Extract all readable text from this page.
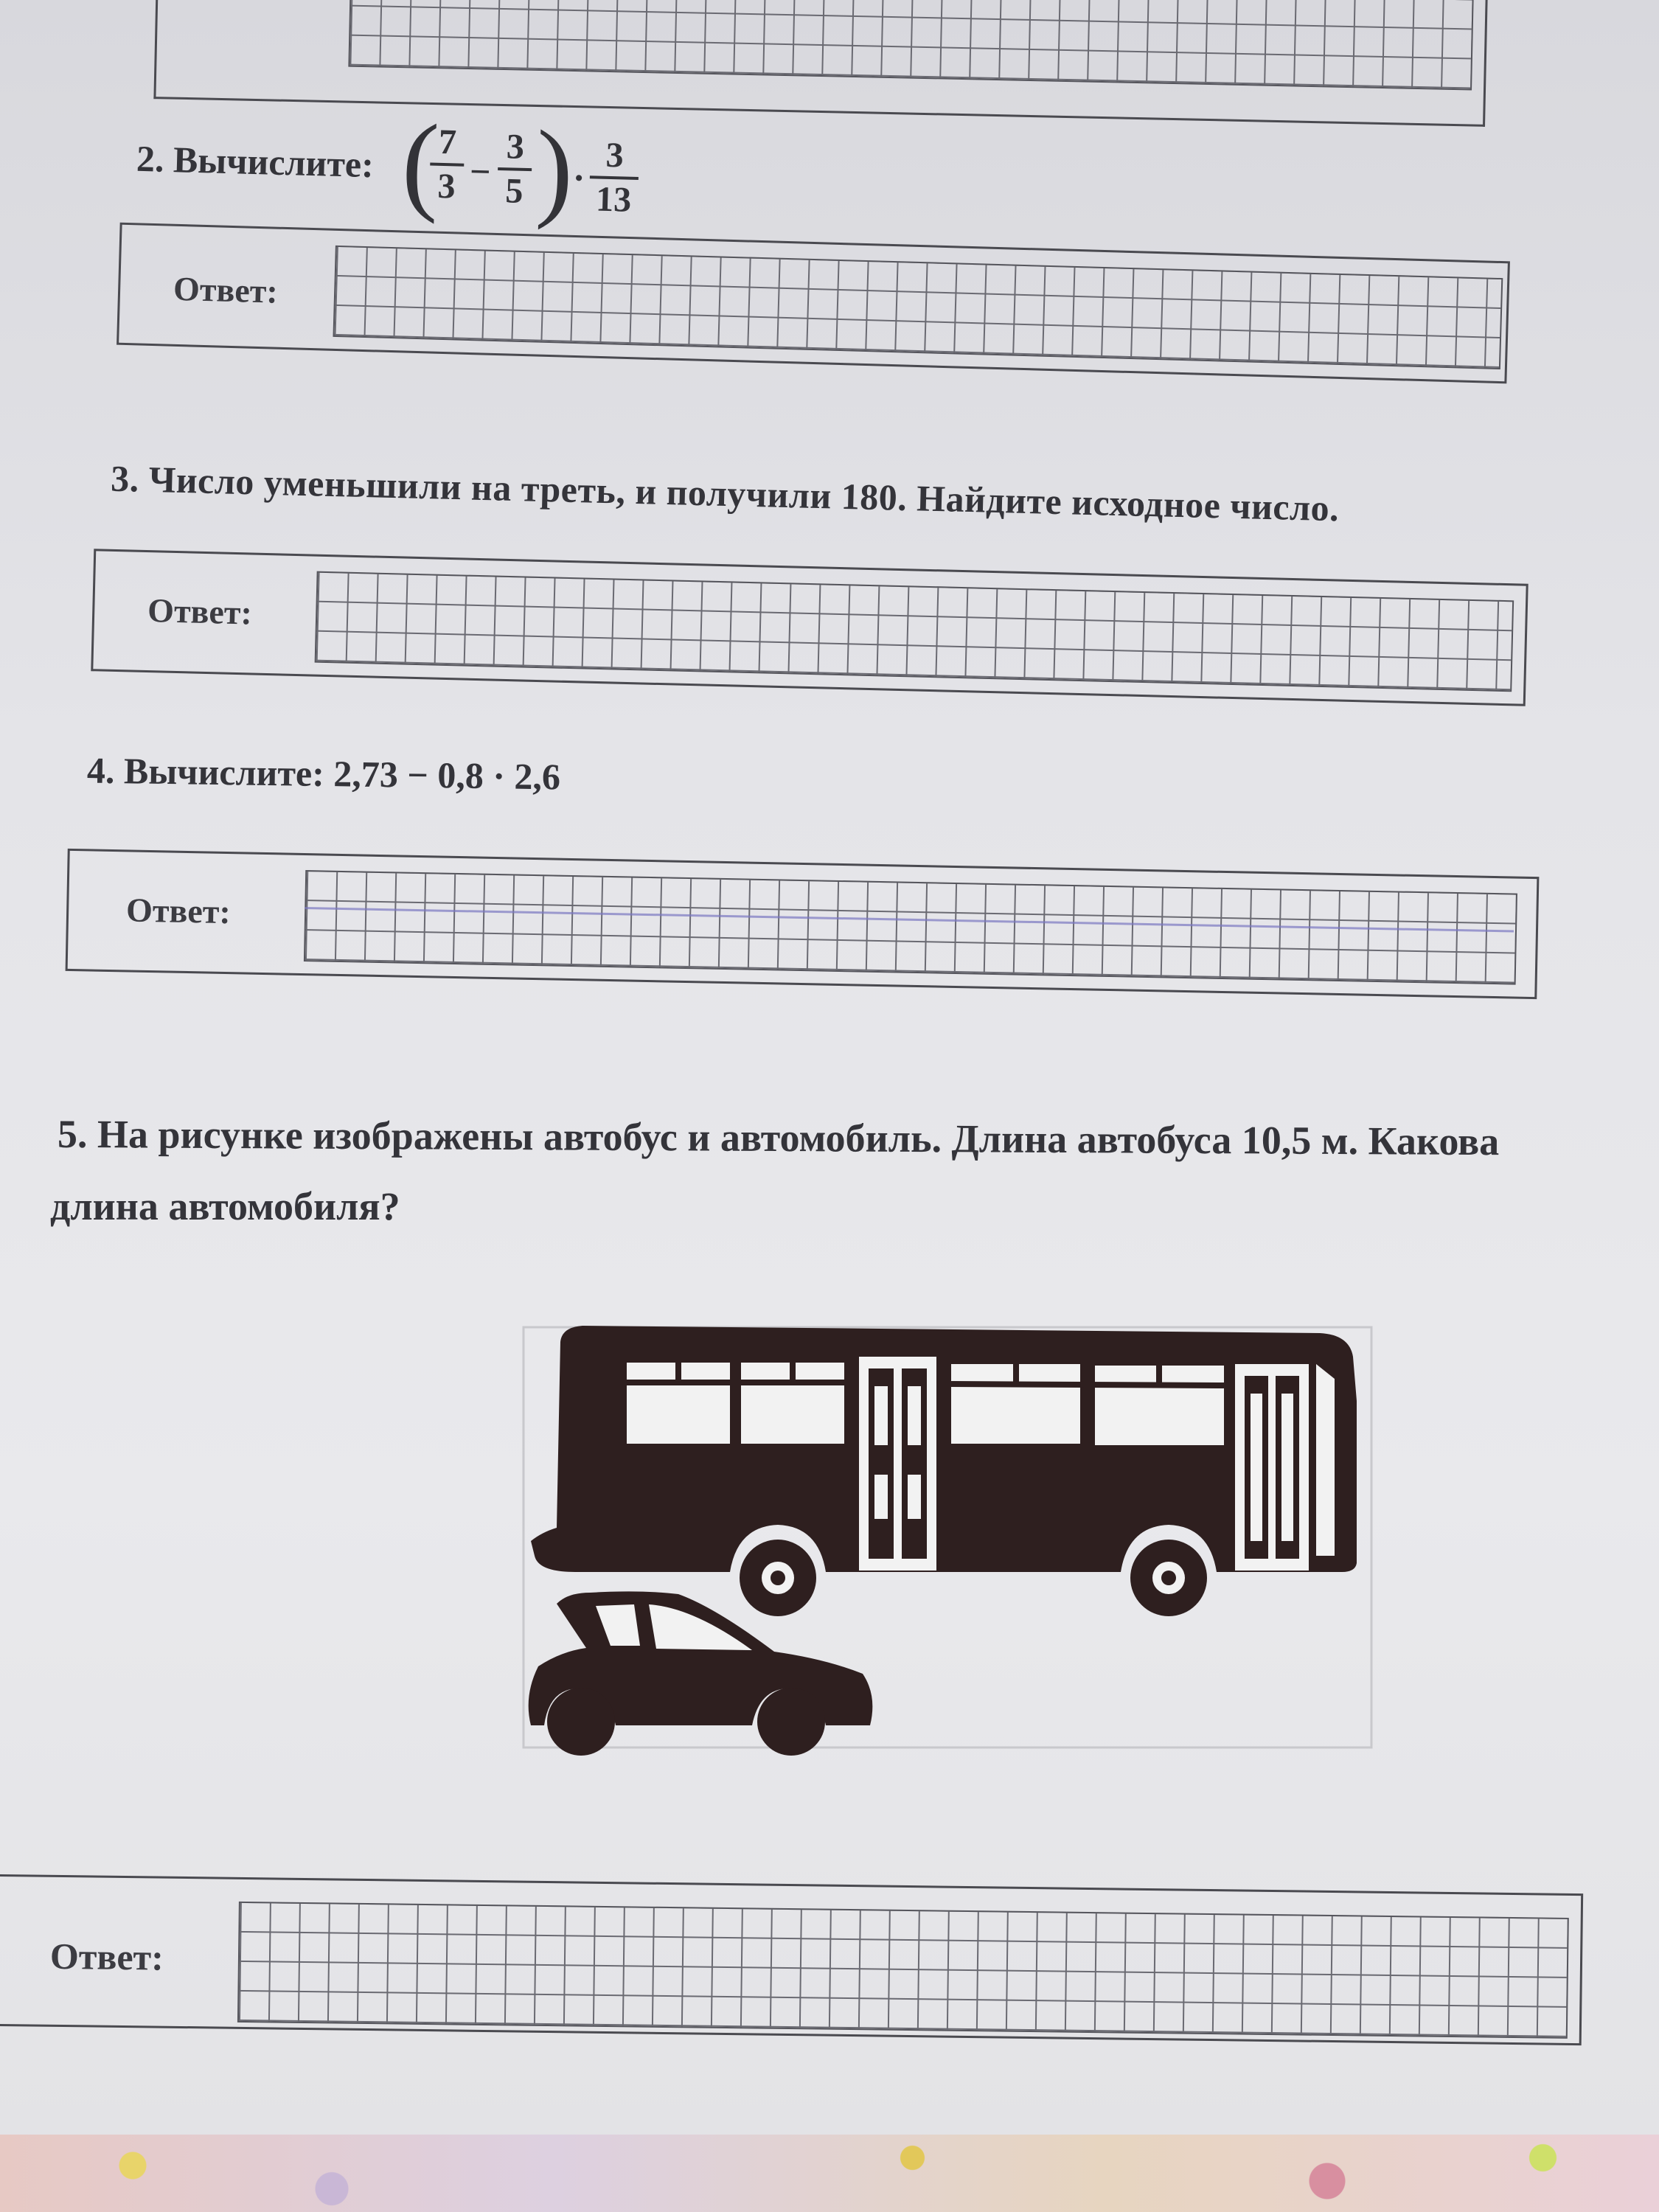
2. Вычислите: (
$\frac{7}{3} - \frac{3}{5}$ )
· $\frac{3}{13}$
Ответ:
3. Число уменьшили на треть, и получили 180. Найдите исходное число.
Ответ:
4. Вычислите: 2,73 − 0,8 · 2,6
Ответ:
5. На рисунке изображены автобус и автомобиль. Длина автобуса 10,5 м. Какова
длина автомобиля?
Ответ:
